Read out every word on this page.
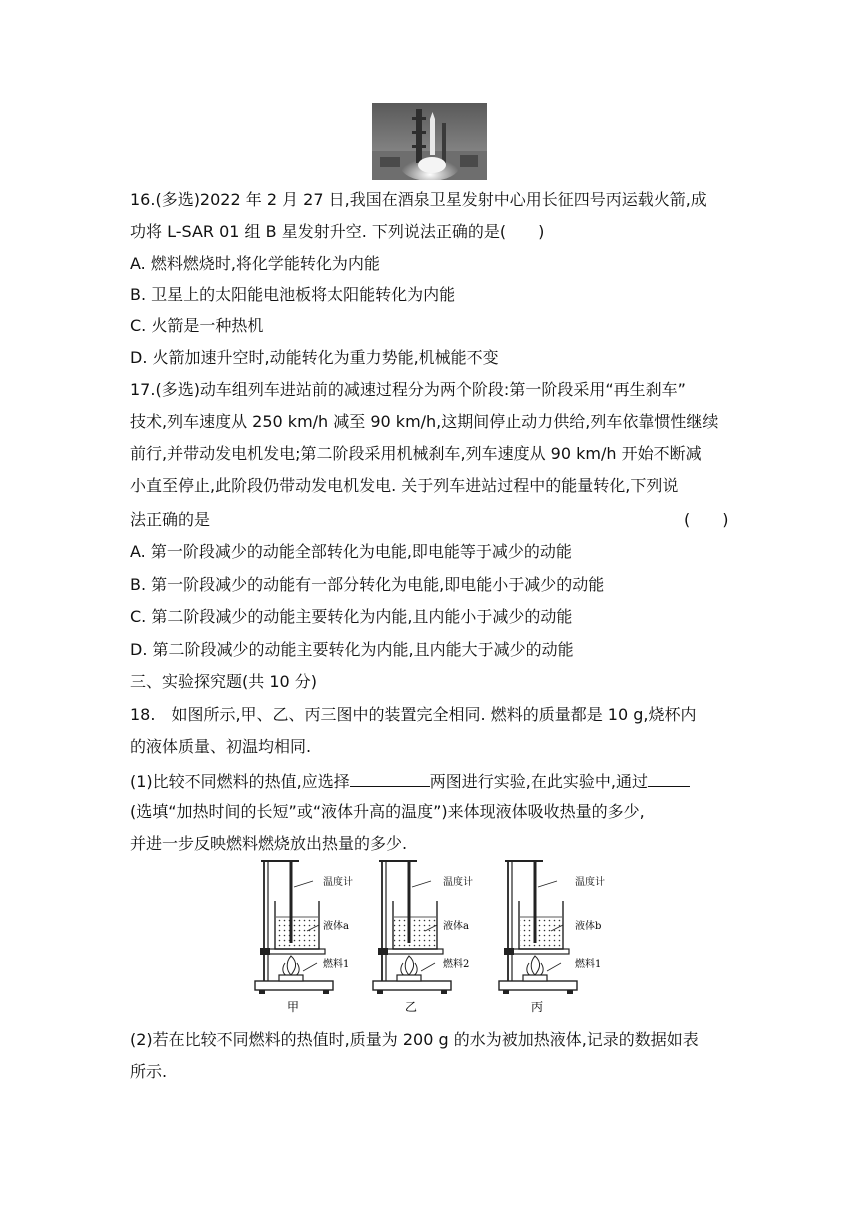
16.(多选)2022 年 2 月 27 日,我国在酒泉卫星发射中心用长征四号丙运载火箭,成
功将 L-SAR 01 组 B 星发射升空. 下列说法正确的是(　　)
A. 燃料燃烧时,将化学能转化为内能
B. 卫星上的太阳能电池板将太阳能转化为内能
C. 火箭是一种热机
D. 火箭加速升空时,动能转化为重力势能,机械能不变
17.(多选)动车组列车进站前的减速过程分为两个阶段:第一阶段采用“再生刹车”
技术,列车速度从 250 km/h 减至 90 km/h,这期间停止动力供给,列车依靠惯性继续
前行,并带动发电机发电;第二阶段采用机械刹车,列车速度从 90 km/h 开始不断减
小直至停止,此阶段仍带动发电机发电. 关于列车进站过程中的能量转化,下列说
法正确的是	(　　)
A. 第一阶段减少的动能全部转化为电能,即电能等于减少的动能
B. 第一阶段减少的动能有一部分转化为电能,即电能小于减少的动能
C. 第二阶段减少的动能主要转化为内能,且内能小于减少的动能
D. 第二阶段减少的动能主要转化为内能,且内能大于减少的动能
三、实验探究题(共 10 分)
18.　如图所示,甲、乙、丙三图中的装置完全相同. 燃料的质量都是 10 g,烧杯内
的液体质量、初温均相同.
(1)比较不同燃料的热值,应选择	两图进行实验,在此实验中,通过
(选填“加热时间的长短”或“液体升高的温度”)来体现液体吸收热量的多少,
并进一步反映燃料燃烧放出热量的多少.
温度计
液体a
燃料1
甲
温度计
液体a
燃料2
乙
温度计
液体b
燃料1
丙
(2)若在比较不同燃料的热值时,质量为 200 g 的水为被加热液体,记录的数据如表
所示.
